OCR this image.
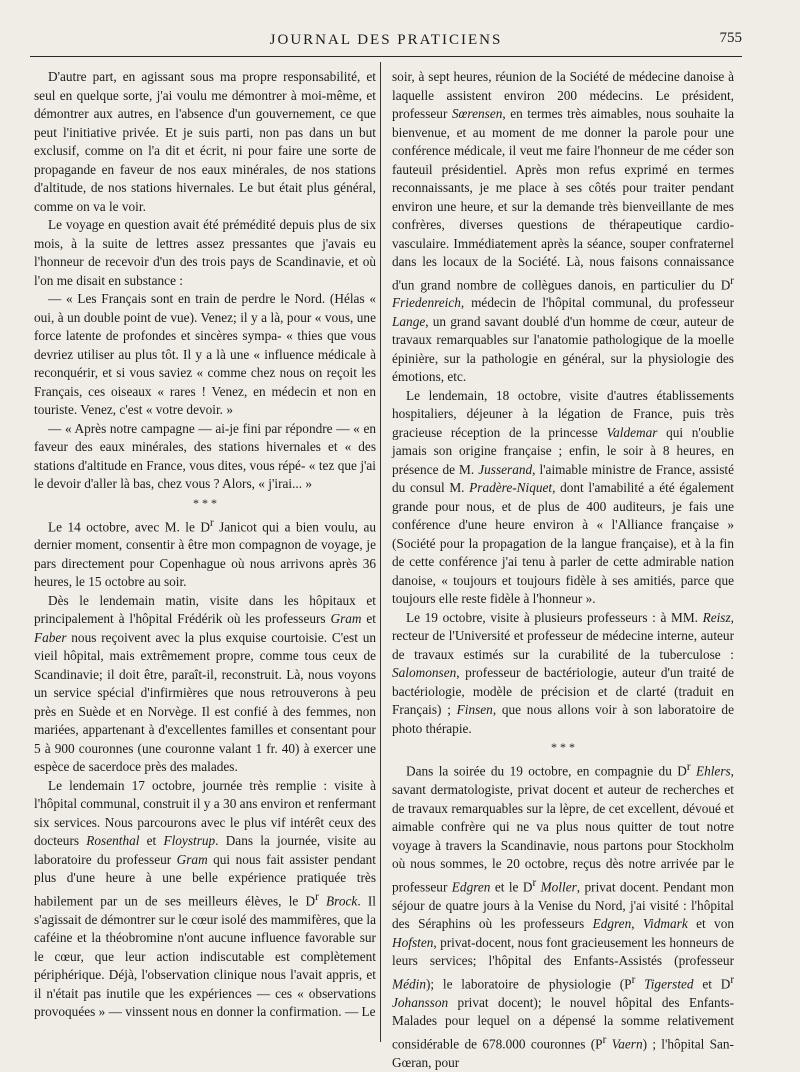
JOURNAL DES PRATICIENS	755

D'autre part, en agissant sous ma propre responsabilité, et seul en quelque sorte, j'ai voulu me démontrer à moi-même, et démontrer aux autres, en l'absence d'un gouvernement, ce que peut l'initiative privée. Et je suis parti, non pas dans un but exclusif, comme on l'a dit et écrit, ni pour faire une sorte de propagande en faveur de nos eaux minérales, de nos stations d'altitude, de nos stations hivernales. Le but était plus général, comme on va le voir.

Le voyage en question avait été prémédité depuis plus de six mois, à la suite de lettres assez pressantes que j'avais eu l'honneur de recevoir d'un des trois pays de Scandinavie, et où l'on me disait en substance :

— « Les Français sont en train de perdre le Nord. (Hélas « oui, à un double point de vue). Venez; il y a là, pour « vous, une force latente de profondes et sincères sympa- « thies que vous devriez utiliser au plus tôt. Il y a là une « influence médicale à reconquérir, et si vous saviez « comme chez nous on reçoit les Français, ces oiseaux « rares ! Venez, en médecin et non en touriste. Venez, c'est « votre devoir. »

— « Après notre campagne — ai-je fini par répondre — « en faveur des eaux minérales, des stations hivernales et « des stations d'altitude en France, vous dites, vous répé- « tez que j'ai le devoir d'aller là bas, chez vous ? Alors, « j'irai... »

* * *

Le 14 octobre, avec M. le $D^r$ Janicot qui a bien voulu, au dernier moment, consentir à être mon compagnon de voyage, je pars directement pour Copenhague où nous arrivons après 36 heures, le 15 octobre au soir.

Dès le lendemain matin, visite dans les hôpitaux et principalement à l'hôpital Frédérik où les professeurs Gram et Faber nous reçoivent avec la plus exquise courtoisie. C'est un vieil hôpital, mais extrêmement propre, comme tous ceux de Scandinavie; il doit être, paraît-il, reconstruit. Là, nous voyons un service spécial d'infirmières que nous retrouverons à peu près en Suède et en Norvège. Il est confié à des femmes, non mariées, appartenant à d'excellentes familles et consentant pour 5 à 900 couronnes (une couronne valant 1 fr. 40) à exercer une espèce de sacerdoce près des malades.

Le lendemain 17 octobre, journée très remplie : visite à l'hôpital communal, construit il y a 30 ans environ et renfermant six services. Nous parcourons avec le plus vif intérêt ceux des docteurs Rosenthal et Floystrup. Dans la journée, visite au laboratoire du professeur Gram qui nous fait assister pendant plus d'une heure à une belle expérience pratiquée très habilement par un de ses meilleurs élèves, le $D^r$ Brock. Il s'agissait de démontrer sur le cœur isolé des mammifères, que la caféine et la théobromine n'ont aucune influence favorable sur le cœur, que leur action indiscutable est complètement périphérique. Déjà, l'observation clinique nous l'avait appris, et il n'était pas inutile que les expériences — ces « observations provoquées » — vinssent nous en donner la confirmation. — Le

soir, à sept heures, réunion de la Société de médecine danoise à laquelle assistent environ 200 médecins. Le président, professeur Sœrensen, en termes très aimables, nous souhaite la bienvenue, et au moment de me donner la parole pour une conférence médicale, il veut me faire l'honneur de me céder son fauteuil présidentiel. Après mon refus exprimé en termes reconnaissants, je me place à ses côtés pour traiter pendant environ une heure, et sur la demande très bienveillante de mes confrères, diverses questions de thérapeutique cardio-vasculaire. Immédiatement après la séance, souper confraternel dans les locaux de la Société. Là, nous faisons connaissance d'un grand nombre de collègues danois, en particulier du $D^r$ Friedenreich, médecin de l'hôpital communal, du professeur Lange, un grand savant doublé d'un homme de cœur, auteur de travaux remarquables sur l'anatomie pathologique de la moelle épinière, sur la pathologie en général, sur la physiologie des émotions, etc.

Le lendemain, 18 octobre, visite d'autres établissements hospitaliers, déjeuner à la légation de France, puis très gracieuse réception de la princesse Valdemar qui n'oublie jamais son origine française ; enfin, le soir à 8 heures, en présence de M. Jusserand, l'aimable ministre de France, assisté du consul M. Pradère-Niquet, dont l'amabilité a été également grande pour nous, et de plus de 400 auditeurs, je fais une conférence d'une heure environ à « l'Alliance française » (Société pour la propagation de la langue française), et à la fin de cette conférence j'ai tenu à parler de cette admirable nation danoise, « toujours et toujours fidèle à ses amitiés, parce que toujours elle reste fidèle à l'honneur ».

Le 19 octobre, visite à plusieurs professeurs : à MM. Reisz, recteur de l'Université et professeur de médecine interne, auteur de travaux estimés sur la curabilité de la tuberculose : Salomonsen, professeur de bactériologie, auteur d'un traité de bactériologie, modèle de précision et de clarté (traduit en Français) ; Finsen, que nous allons voir à son laboratoire de photo thérapie.

* * *

Dans la soirée du 19 octobre, en compagnie du $D^r$ Ehlers, savant dermatologiste, privat docent et auteur de recherches et de travaux remarquables sur la lèpre, de cet excellent, dévoué et aimable confrère qui ne va plus nous quitter de tout notre voyage à travers la Scandinavie, nous partons pour Stockholm où nous sommes, le 20 octobre, reçus dès notre arrivée par le professeur Edgren et le $D^r$ Moller, privat docent. Pendant mon séjour de quatre jours à la Venise du Nord, j'ai visité : l'hôpital des Séraphins où les professeurs Edgren, Vidmark et von Hofsten, privat-docent, nous font gracieusement les honneurs de leurs services; l'hôpital des Enfants-Assistés (professeur Médin); le laboratoire de physiologie ($P^r$ Tigersted et $D^r$ Johansson privat docent); le nouvel hôpital des Enfants-Malades pour lequel on a dépensé la somme relativement considérable de 678.000 couronnes ($P^r$ Vaern) ; l'hôpital San-Gœran, pour
